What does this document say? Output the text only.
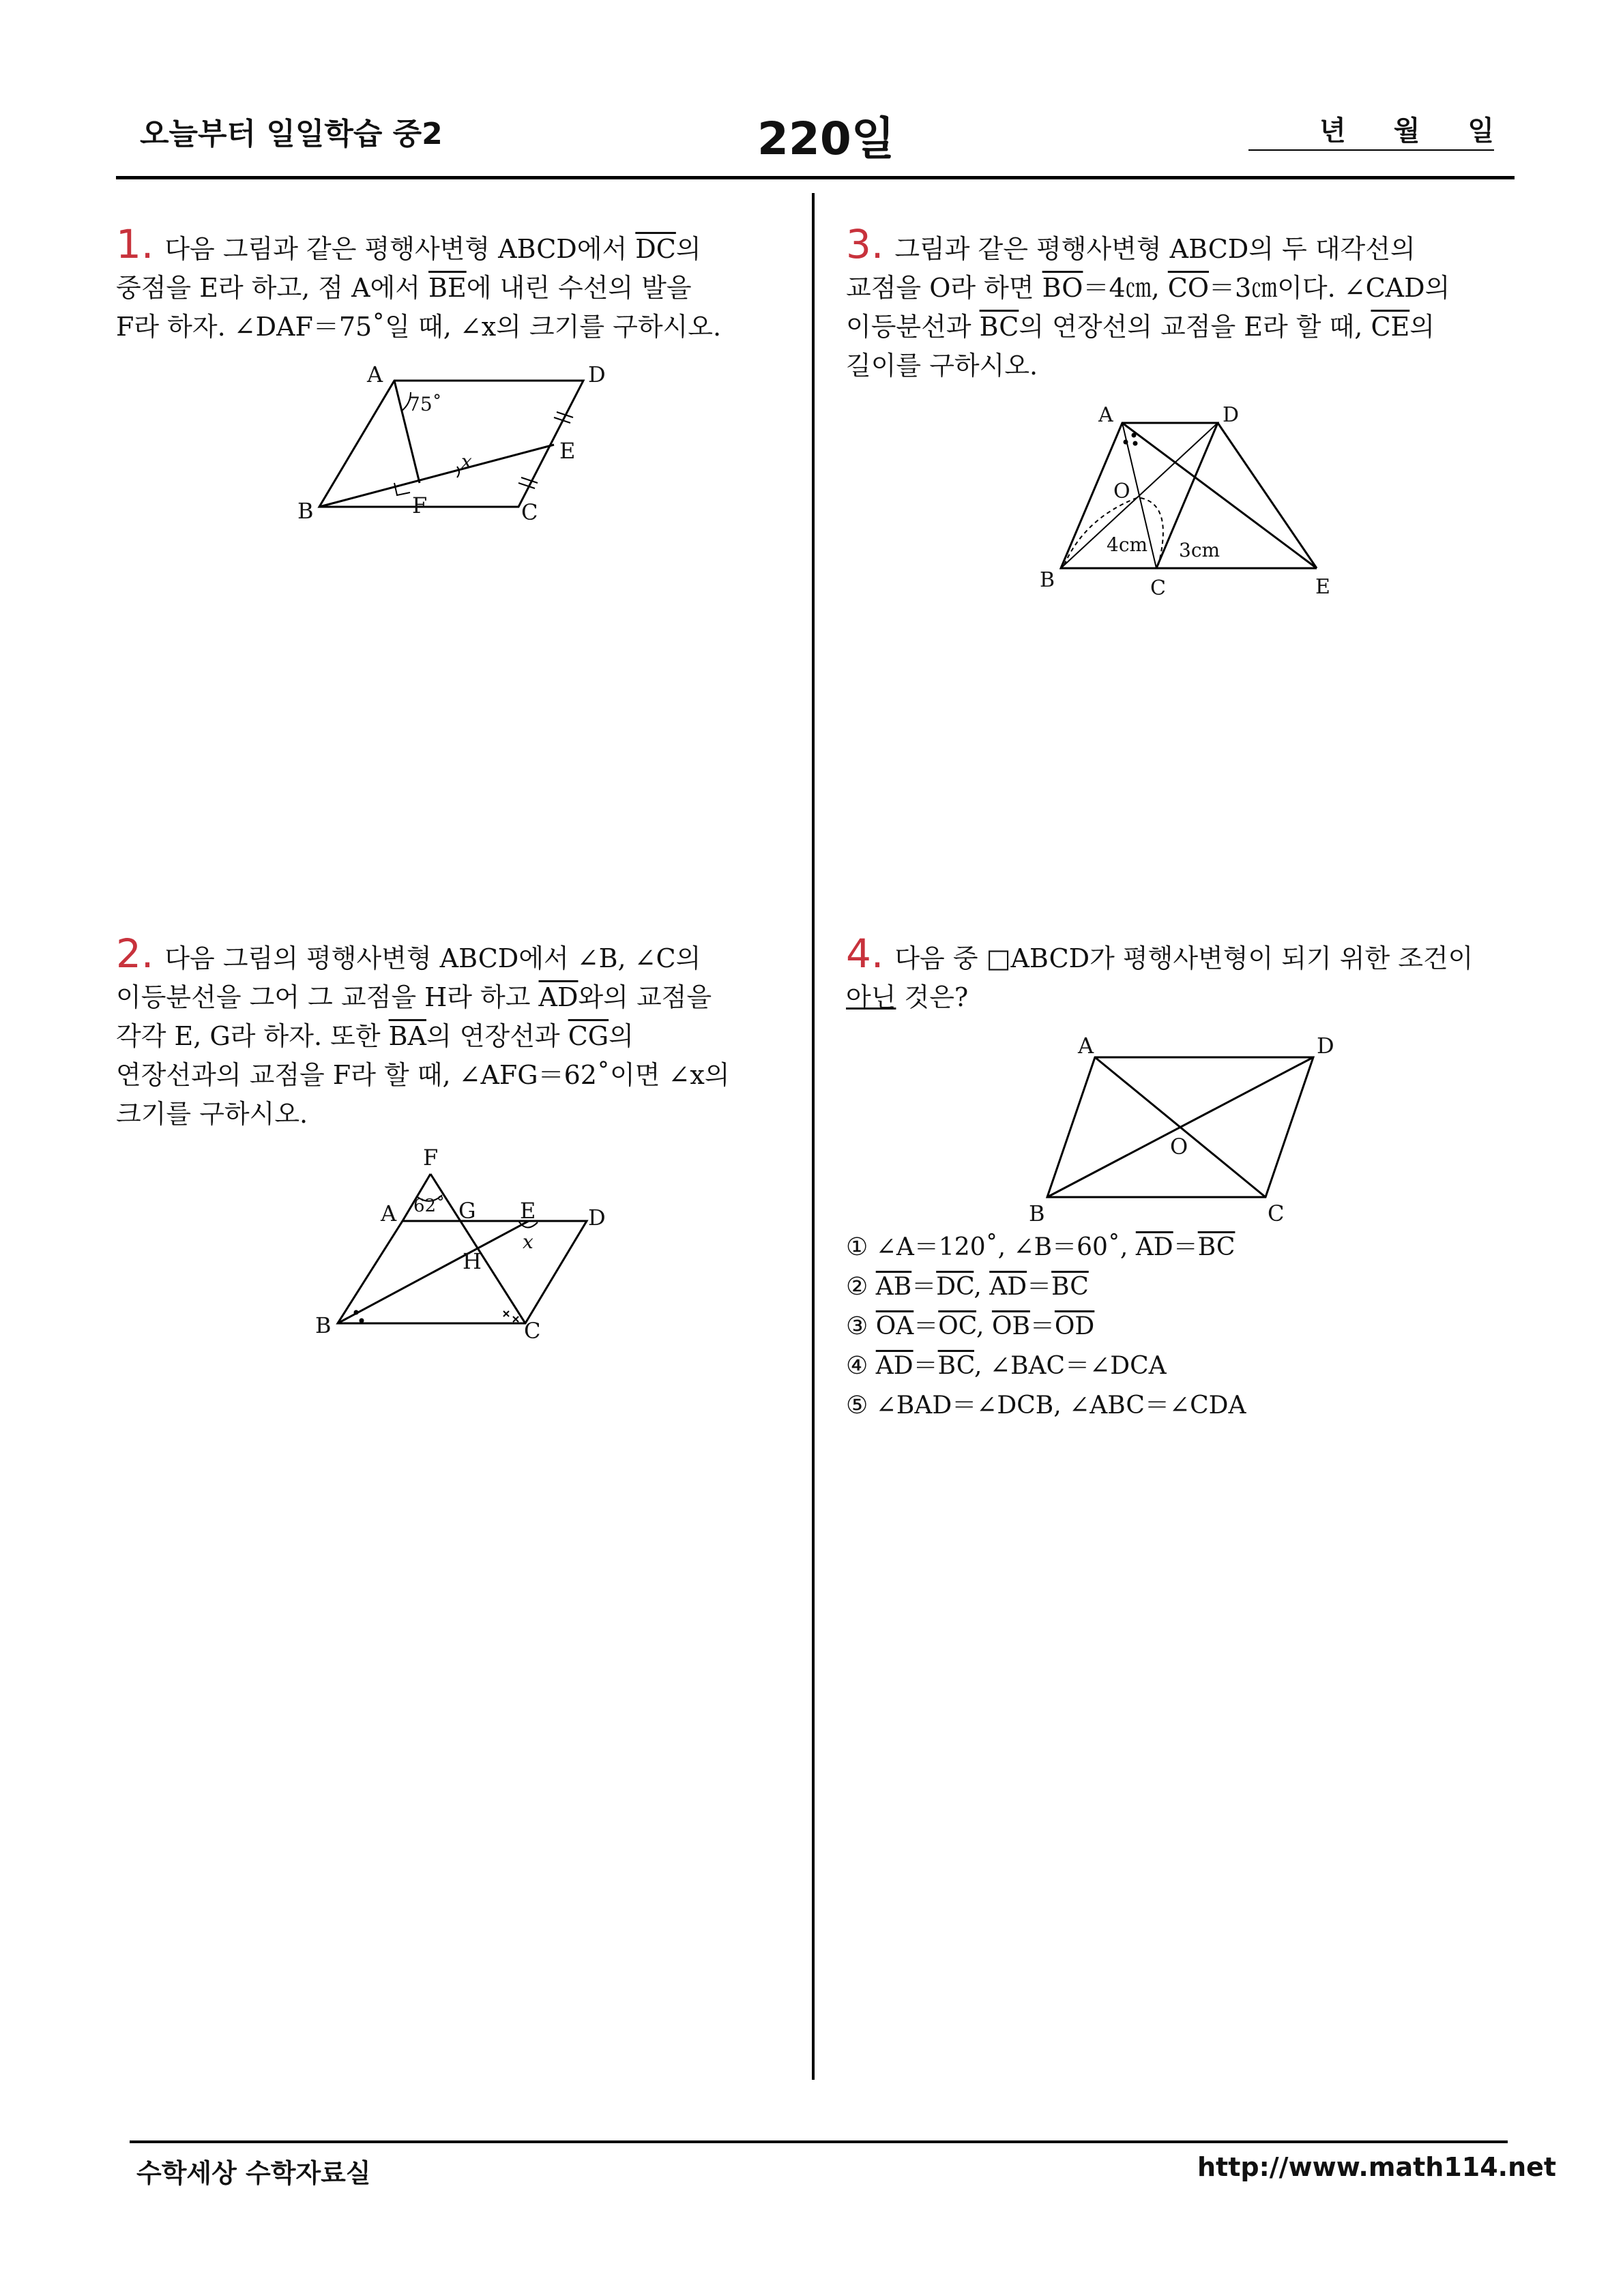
오늘부터 일일학습 중2	220일	년 월 일
1. 다음 그림과 같은 평행사변형 ABCD에서 $\overline{DC}$의
중점을 E라 하고, 점 A에서 $\overline{BE}$에 내린 수선의 발을
F라 하자. ∠DAF＝75˚일 때, ∠x의 크기를 구하시오.
A	D
B	C
E
F
75˚
x
2. 다음 그림의 평행사변형 ABCD에서 ∠B, ∠C의
이등분선을 그어 그 교점을 H라 하고 $\overline{AD}$와의 교점을
각각 E, G라 하자. 또한 $\overline{BA}$의 연장선과 $\overline{CG}$의
연장선과의 교점을 F라 할 때, ∠AFG＝62˚이면 ∠x의
크기를 구하시오.
F
A	G E D
H
B	C
62˚
x
3. 그림과 같은 평행사변형 ABCD의 두 대각선의
교점을 O라 하면 $\overline{BO}=4㎝$, $\overline{CO}=3㎝$이다. ∠CAD의
이등분선과 $\overline{BC}$의 연장선의 교점을 E라 할 때, $\overline{CE}$의
길이를 구하시오.
A	D
O
B	C	E
4cm 3cm
4. 다음 중 □ABCD가 평행사변형이 되기 위한 조건이
아닌 것은?
A	D
O
B	C
① ∠A＝120˚, ∠B＝60˚, $\overline{AD}=\overline{BC}$
② $\overline{AB}=\overline{DC}$, $\overline{AD}=\overline{BC}$
③ $\overline{OA}=\overline{OC}$, $\overline{OB}=\overline{OD}$
④ $\overline{AD}=\overline{BC}$, ∠BAC＝∠DCA
⑤ ∠BAD＝∠DCB, ∠ABC＝∠CDA
수학세상 수학자료실	http://www.math114.net
